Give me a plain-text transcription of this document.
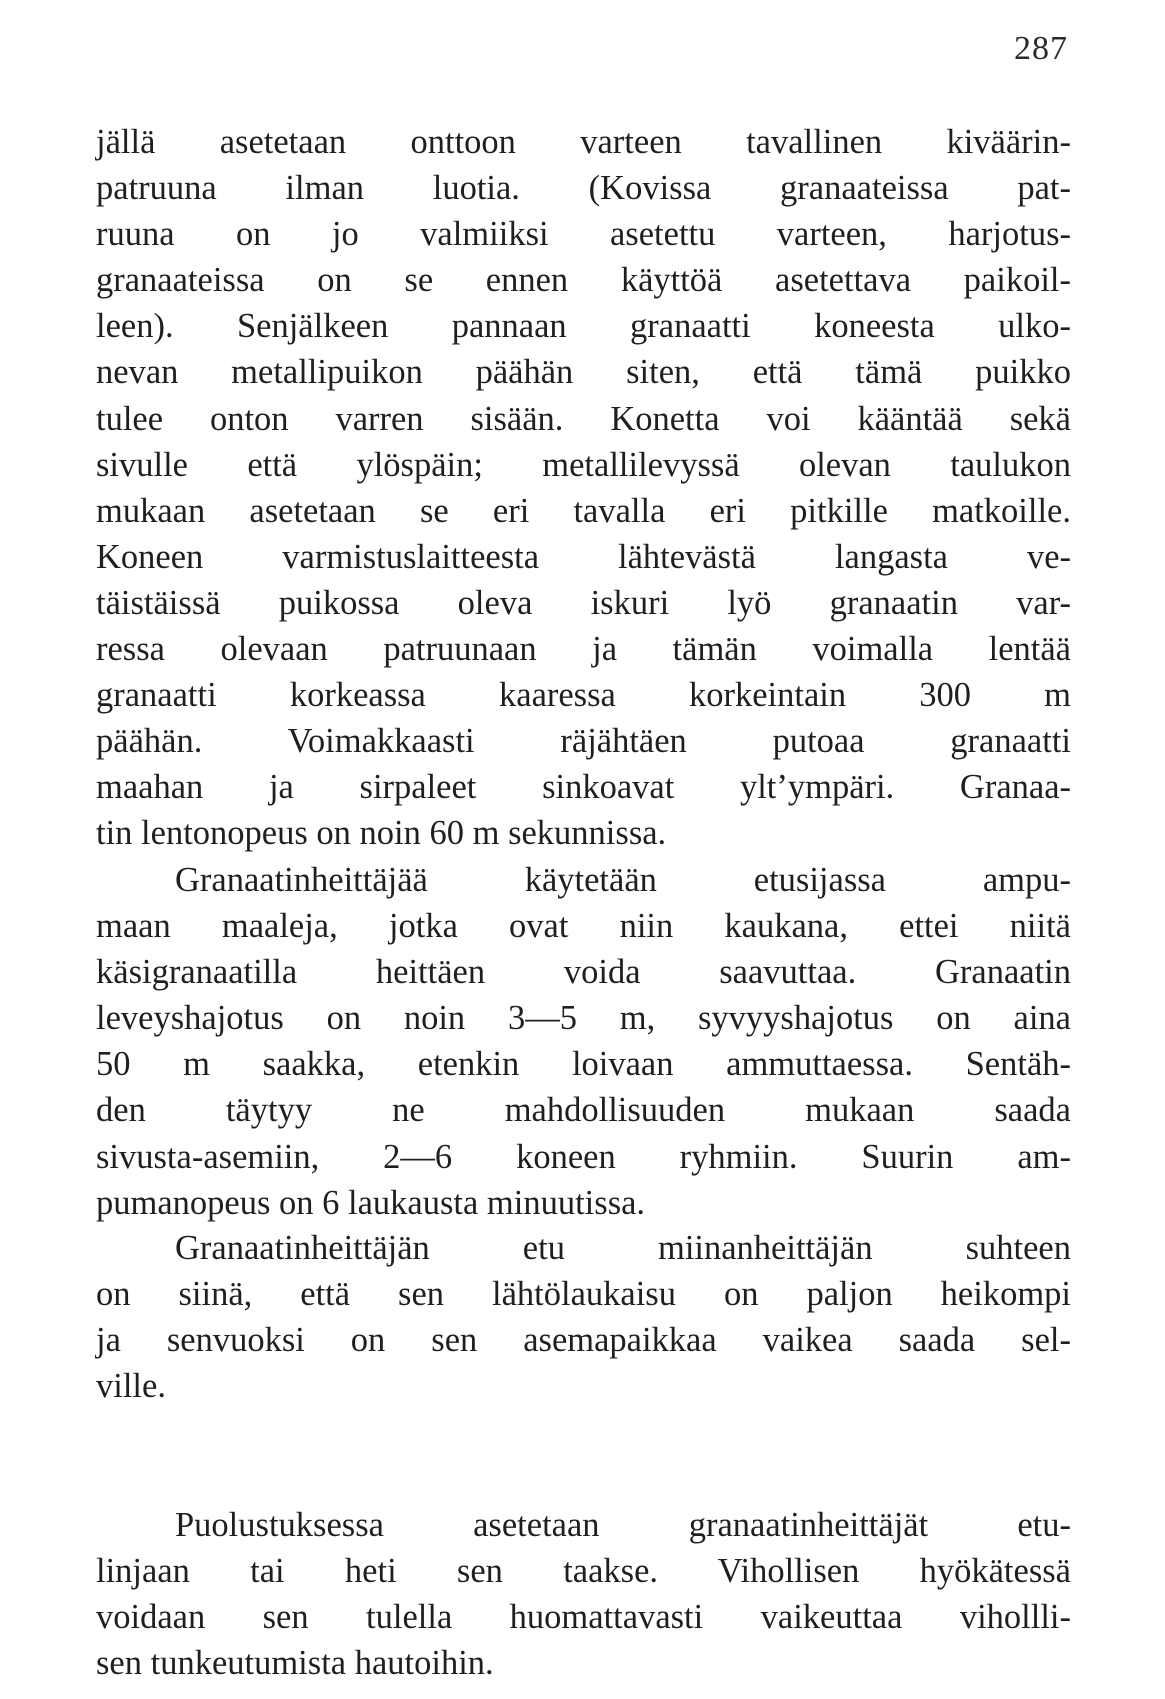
287
jällä asetetaan onttoon varteen tavallinen kiväärin-
patruuna ilman luotia. (Kovissa granaateissa pat-
ruuna on jo valmiiksi asetettu varteen, harjotus-
granaateissa on se ennen käyttöä asetettava paikoil-
leen). Senjälkeen pannaan granaatti koneesta ulko-
nevan metallipuikon päähän siten, että tämä puikko
tulee onton varren sisään. Konetta voi kääntää sekä
sivulle että ylöspäin; metallilevyssä olevan taulukon
mukaan asetetaan se eri tavalla eri pitkille matkoille.
Koneen varmistuslaitteesta lähtevästä langasta ve-
täistäissä puikossa oleva iskuri lyö granaatin var-
ressa olevaan patruunaan ja tämän voimalla lentää
granaatti korkeassa kaaressa korkeintain 300 m
päähän. Voimakkaasti räjähtäen putoaa granaatti
maahan ja sirpaleet sinkoavat ylt’ympäri. Granaa-
tin lentonopeus on noin 60 m sekunnissa.
Granaatinheittäjää käytetään etusijassa ampu-
maan maaleja, jotka ovat niin kaukana, ettei niitä
käsigranaatilla heittäen voida saavuttaa. Granaatin
leveyshajotus on noin 3—5 m, syvyyshajotus on aina
50 m saakka, etenkin loivaan ammuttaessa. Sentäh-
den täytyy ne mahdollisuuden mukaan saada
sivusta-asemiin, 2—6 koneen ryhmiin. Suurin am-
pumanopeus on 6 laukausta minuutissa.
Granaatinheittäjän etu miinanheittäjän suhteen
on siinä, että sen lähtölaukaisu on paljon heikompi
ja senvuoksi on sen asemapaikkaa vaikea saada sel-
ville.
Puolustuksessa asetetaan granaatinheittäjät etu-
linjaan tai heti sen taakse. Vihollisen hyökätessä
voidaan sen tulella huomattavasti vaikeuttaa vihollli-
sen tunkeutumista hautoihin.
